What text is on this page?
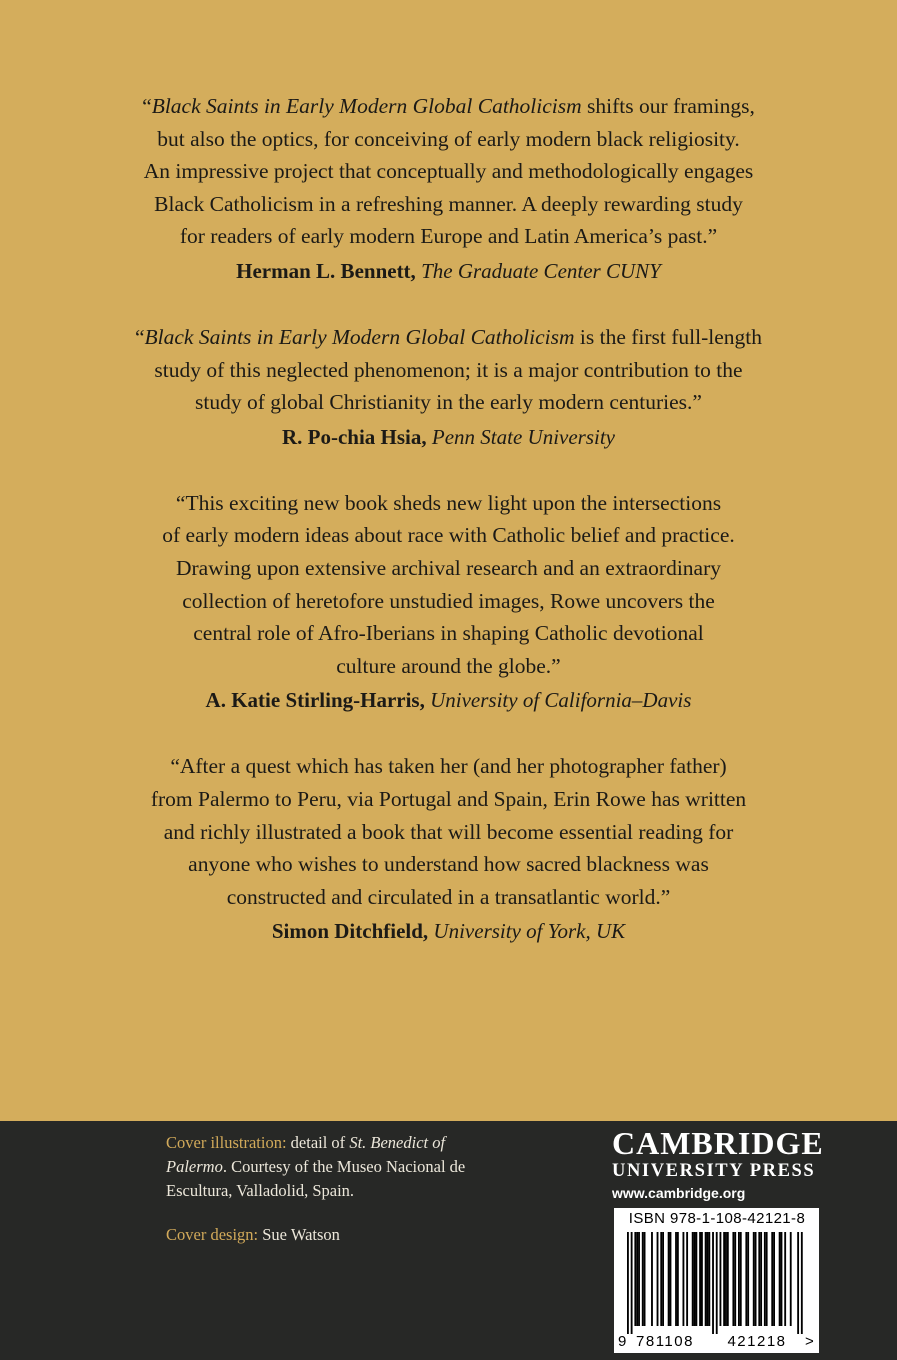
“Black Saints in Early Modern Global Catholicism shifts our framings,

but also the optics, for conceiving of early modern black religiosity.

An impressive project that conceptually and methodologically engages

Black Catholicism in a refreshing manner. A deeply rewarding study

for readers of early modern Europe and Latin America’s past.”

Herman L. Bennett, The Graduate Center CUNY

“Black Saints in Early Modern Global Catholicism is the first full-length

study of this neglected phenomenon; it is a major contribution to the

study of global Christianity in the early modern centuries.”

R. Po-chia Hsia, Penn State University

“This exciting new book sheds new light upon the intersections

of early modern ideas about race with Catholic belief and practice.

Drawing upon extensive archival research and an extraordinary

collection of heretofore unstudied images, Rowe uncovers the

central role of Afro-Iberians in shaping Catholic devotional

culture around the globe.”

A. Katie Stirling-Harris, University of California–Davis

“After a quest which has taken her (and her photographer father)

from Palermo to Peru, via Portugal and Spain, Erin Rowe has written

and richly illustrated a book that will become essential reading for

anyone who wishes to understand how sacred blackness was

constructed and circulated in a transatlantic world.”

Simon Ditchfield, University of York, UK

Cover illustration: detail of St. Benedict of Palermo. Courtesy of the Museo Nacional de Escultura, Valladolid, Spain.
Cover design: Sue Watson
CAMBRIDGE
UNIVERSITY PRESS
www.cambridge.org
ISBN 978-1-108-42121-8
9 781108 421218 >
